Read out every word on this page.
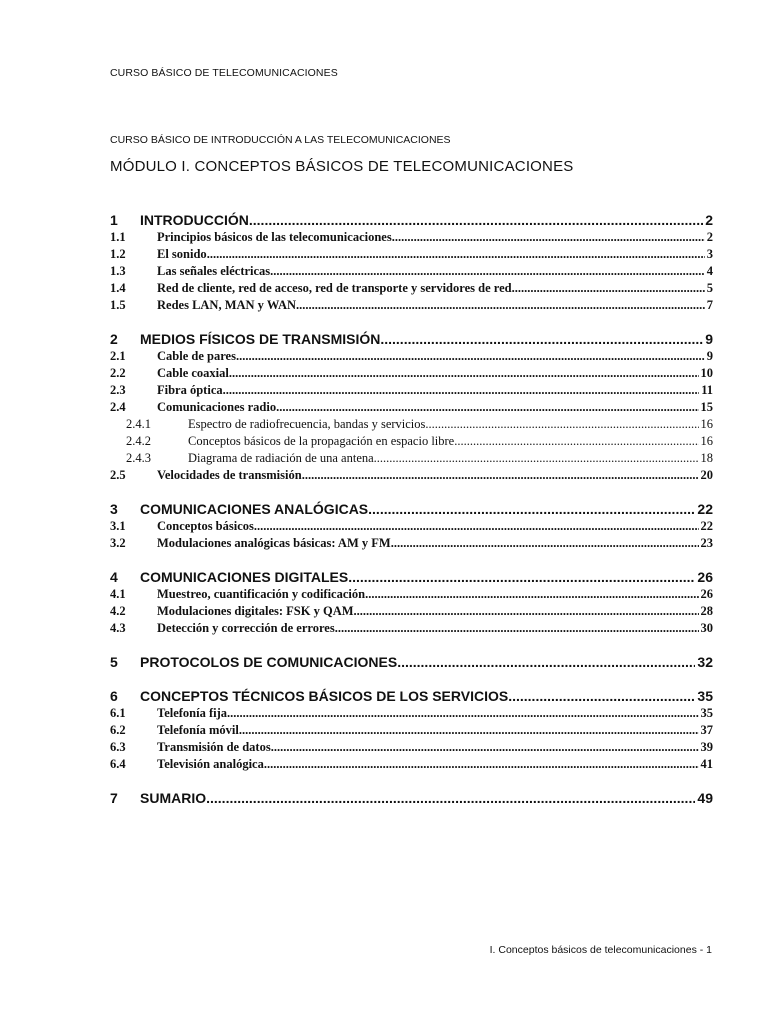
CURSO BÁSICO DE TELECOMUNICACIONES
CURSO BÁSICO DE INTRODUCCIÓN A LAS TELECOMUNICACIONES
MÓDULO I. CONCEPTOS BÁSICOS DE TELECOMUNICACIONES
1	INTRODUCCIÓN .....	2
1.1	Principios básicos de las telecomunicaciones .....	2
1.2	El sonido .....	3
1.3	Las señales eléctricas .....	4
1.4	Red de cliente, red de acceso, red de transporte y servidores de red .....	5
1.5	Redes LAN, MAN y WAN .....	7
2	MEDIOS FÍSICOS DE TRANSMISIÓN .....	9
2.1	Cable de pares .....	9
2.2	Cable coaxial .....	10
2.3	Fibra óptica .....	11
2.4	Comunicaciones radio .....	15
2.4.1	Espectro de radiofrecuencia, bandas y servicios .....	16
2.4.2	Conceptos básicos de la propagación en espacio libre .....	16
2.4.3	Diagrama de radiación de una antena .....	18
2.5	Velocidades de transmisión .....	20
3	COMUNICACIONES ANALÓGICAS .....	22
3.1	Conceptos básicos .....	22
3.2	Modulaciones analógicas básicas: AM y FM .....	23
4	COMUNICACIONES DIGITALES .....	26
4.1	Muestreo, cuantificación y codificación .....	26
4.2	Modulaciones digitales: FSK y QAM .....	28
4.3	Detección y corrección de errores .....	30
5	PROTOCOLOS DE COMUNICACIONES .....	32
6	CONCEPTOS TÉCNICOS BÁSICOS DE LOS SERVICIOS .....	35
6.1	Telefonía fija .....	35
6.2	Telefonía móvil .....	37
6.3	Transmisión de datos .....	39
6.4	Televisión analógica .....	41
7	SUMARIO .....	49
I. Conceptos básicos de telecomunicaciones - 1
